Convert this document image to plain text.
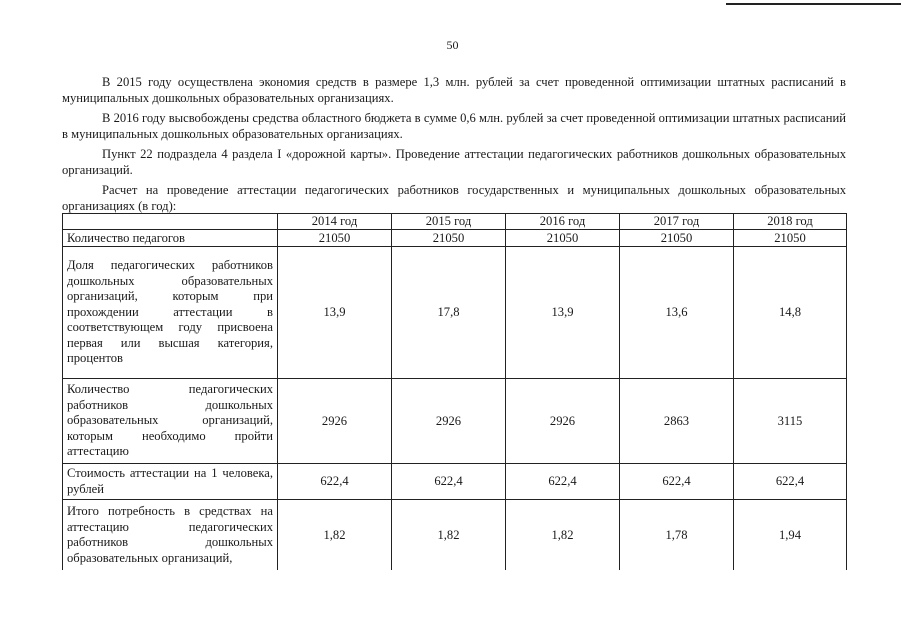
50

В 2015 году осуществлена экономия средств в размере 1,3 млн. рублей за счет проведенной оптимизации штатных расписаний в муниципальных дошкольных образовательных организациях.

В 2016 году высвобождены средства областного бюджета в сумме 0,6 млн. рублей за счет проведенной оптимизации штатных расписаний в муниципальных дошкольных образовательных организациях.

Пункт 22 подраздела 4 раздела I «дорожной карты». Проведение аттестации педагогических работников дошкольных образовательных организаций.

Расчет на проведение аттестации педагогических работников государственных и муниципальных дошкольных образовательных организациях (в год):

	2014 год	2015 год	2016 год	2017 год	2018 год
Количество педагогов	21050	21050	21050	21050	21050
Доля педагогических работников дошкольных образовательных организаций, которым при прохождении аттестации в соответствующем году присвоена первая или высшая категория, процентов	13,9	17,8	13,9	13,6	14,8
Количество педагогических работников дошкольных образовательных организаций, которым необходимо пройти аттестацию	2926	2926	2926	2863	3115
Стоимость аттестации на 1 человека, рублей	622,4	622,4	622,4	622,4	622,4
Итого потребность в средствах на аттестацию педагогических работников дошкольных образовательных организаций,	1,82	1,82	1,82	1,78	1,94
